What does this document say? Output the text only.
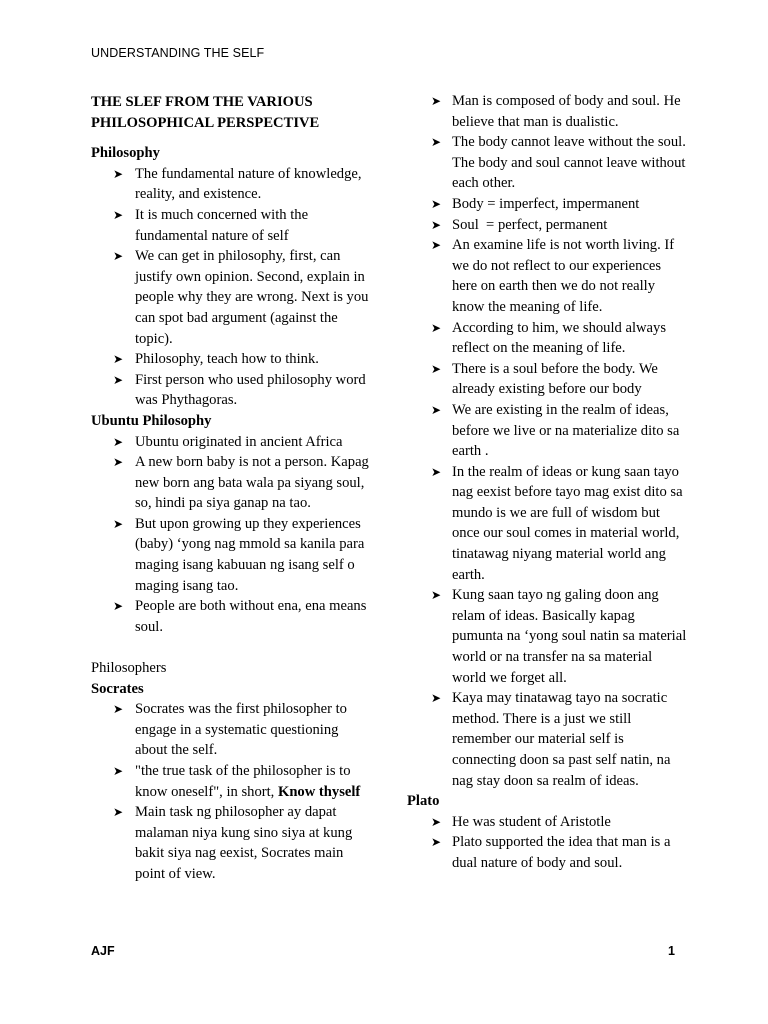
UNDERSTANDING THE SELF

THE SLEF FROM THE VARIOUS
PHILOSOPHICAL PERSPECTIVE

Philosophy

➤ The fundamental nature of knowledge, reality, and existence.
➤ It is much concerned with the fundamental nature of self
➤ We can get in philosophy, first, can justify own opinion. Second, explain in people why they are wrong. Next is you can spot bad argument (against the topic).
➤ Philosophy, teach how to think.
➤ First person who used philosophy word was Phythagoras.

Ubuntu Philosophy

➤ Ubuntu originated in ancient Africa
➤ A new born baby is not a person. Kapag new born ang bata wala pa siyang soul, so, hindi pa siya ganap na tao.
➤ But upon growing up they experiences (baby) ‘yong nag mmold sa kanila para maging isang kabuuan ng isang self o maging isang tao.
➤ People are both without ena, ena means soul.

Philosophers

Socrates

➤ Socrates was the first philosopher to engage in a systematic questioning about the self.
➤ "the true task of the philosopher is to know oneself", in short, Know thyself
➤ Main task ng philosopher ay dapat malaman niya kung sino siya at kung bakit siya nag eexist, Socrates main point of view.
➤ Man is composed of body and soul. He believe that man is dualistic.
➤ The body cannot leave without the soul. The body and soul cannot leave without each other.
➤ Body = imperfect, impermanent
➤ Soul  = perfect, permanent
➤ An examine life is not worth living. If we do not reflect to our experiences here on earth then we do not really know the meaning of life.
➤ According to him, we should always reflect on the meaning of life.
➤ There is a soul before the body. We already existing before our body
➤ We are existing in the realm of ideas, before we live or na materialize dito sa earth .
➤ In the realm of ideas or kung saan tayo nag eexist before tayo mag exist dito sa mundo is we are full of wisdom but once our soul comes in material world, tinatawag niyang material world ang earth.
➤ Kung saan tayo ng galing doon ang relam of ideas. Basically kapag pumunta na ‘yong soul natin sa material world or na transfer na sa material world we forget all.
➤ Kaya may tinatawag tayo na socratic method. There is a just we still remember our material self is connecting doon sa past self natin, na nag stay doon sa realm of ideas.

Plato

➤ He was student of Aristotle
➤ Plato supported the idea that man is a dual nature of body and soul.
AJF	1
